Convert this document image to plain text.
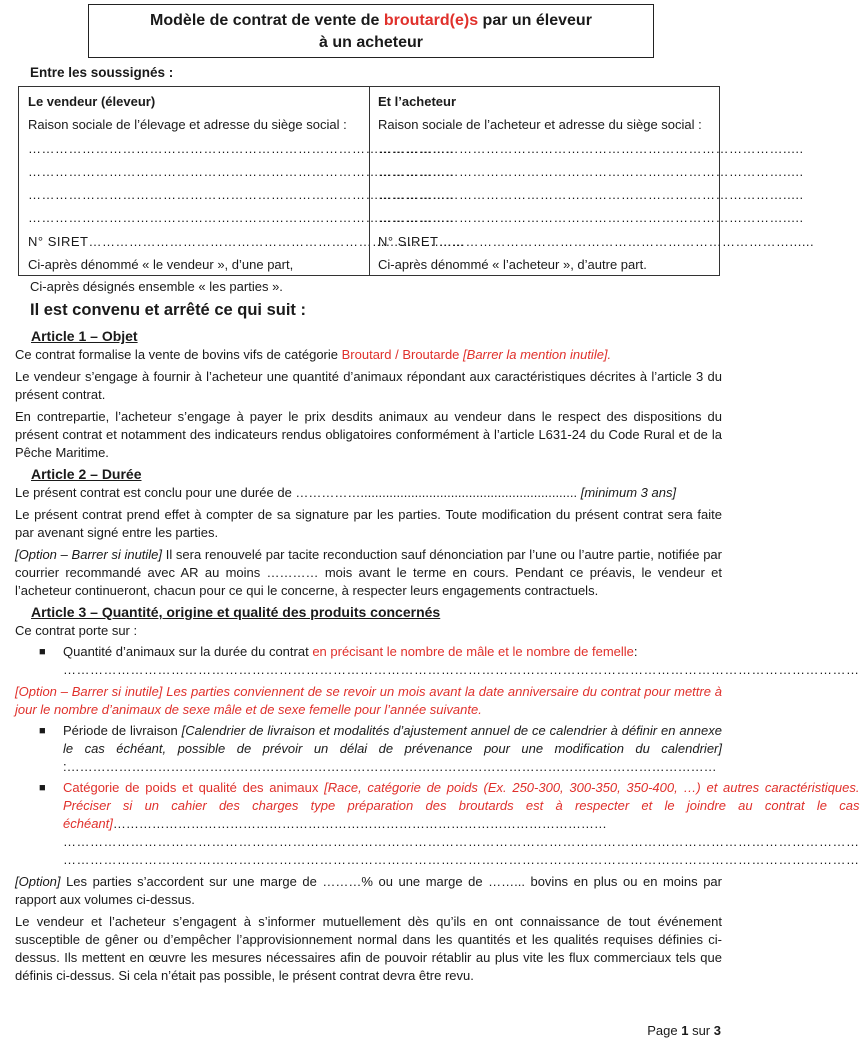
Modèle de contrat de vente de broutard(e)s par un éleveur
à un acheteur
Entre les soussignés :
Le vendeur (éleveur)
Raison sociale de l’élevage et adresse du siège social :
……………………………………………………………………………….....
……………………………………………………………………………….....
……………………………………………………………………………….....
……………………………………………………………………………….....
N° SIRET……………………………………………………………………......
Ci-après dénommé « le vendeur », d’une part,
Et l’acheteur
Raison sociale de l’acheteur et adresse du siège social :
……………………………………………………………………………….....
……………………………………………………………………………….....
……………………………………………………………………………….....
……………………………………………………………………………….....
N° SIRET……………………………………………………………………......
Ci-après dénommé « l’acheteur », d’autre part.
Ci-après désignés ensemble « les parties ».
Il est convenu et arrêté ce qui suit :
Article 1 – Objet

Ce contrat formalise la vente de bovins vifs de catégorie Broutard / Broutarde [Barrer la mention inutile].

Le vendeur s’engage à fournir à l’acheteur une quantité d’animaux répondant aux caractéristiques décrites à l’article 3 du présent contrat.

En contrepartie, l’acheteur s’engage à payer le prix desdits animaux au vendeur dans le respect des dispositions du présent contrat et notamment des indicateurs rendus obligatoires conformément à l’article L631-24 du Code Rural et de la Pêche Maritime.

Article 2 – Durée

Le présent contrat est conclu pour une durée de ……………............................................................ [minimum 3 ans]

Le présent contrat prend effet à compter de sa signature par les parties. Toute modification du présent contrat sera faite par avenant signé entre les parties.

[Option – Barrer si inutile] Il sera renouvelé par tacite reconduction sauf dénonciation par l’une ou l’autre partie, notifiée par courrier recommandé avec AR au moins ………… mois avant le terme en cours. Pendant ce préavis, le vendeur et l’acheteur continueront, chacun pour ce qui le concerne, à respecter leurs engagements contractuels.

Article 3 – Quantité, origine et qualité des produits concernés

Ce contrat porte sur :

■	Quantité d’animaux sur la durée du contrat en précisant le nombre de mâle et le nombre de femelle:
……………………………………………………………………………………………………………………………………………………………

[Option – Barrer si inutile] Les parties conviennent de se revoir un mois avant la date anniversaire du contrat pour mettre à jour le nombre d’animaux de sexe mâle et de sexe femelle pour l’année suivante.

■	Période de livraison [Calendrier de livraison et modalités d’ajustement annuel de ce calendrier à définir en annexe le cas échéant, possible de prévoir un délai de prévenance pour une modification du calendrier] :……………………………………………………………………………………………………………………………………
■	Catégorie de poids et qualité des animaux [Race, catégorie de poids (Ex. 250-300, 300-350, 350-400, …) et autres caractéristiques. Préciser si un cahier des charges type préparation des broutards est à respecter et le joindre au contrat le cas échéant]……………………………………………………………………………………………………
……………………………………………………………………………………………………………………………………………………………
……………………………………………………………………………………………………………………………………………………………

[Option] Les parties s’accordent sur une marge de ………% ou une marge de ……... bovins en plus ou en moins par rapport aux volumes ci-dessus.

Le vendeur et l’acheteur s’engagent à s’informer mutuellement dès qu’ils en ont connaissance de tout événement susceptible de gêner ou d’empêcher l’approvisionnement normal dans les quantités et les qualités requises définies ci-dessus. Ils mettent en œuvre les mesures nécessaires afin de pouvoir rétablir au plus vite les flux commerciaux tels que définis ci-dessus. Si cela n’était pas possible, le présent contrat devra être revu.

Page 1 sur 3
